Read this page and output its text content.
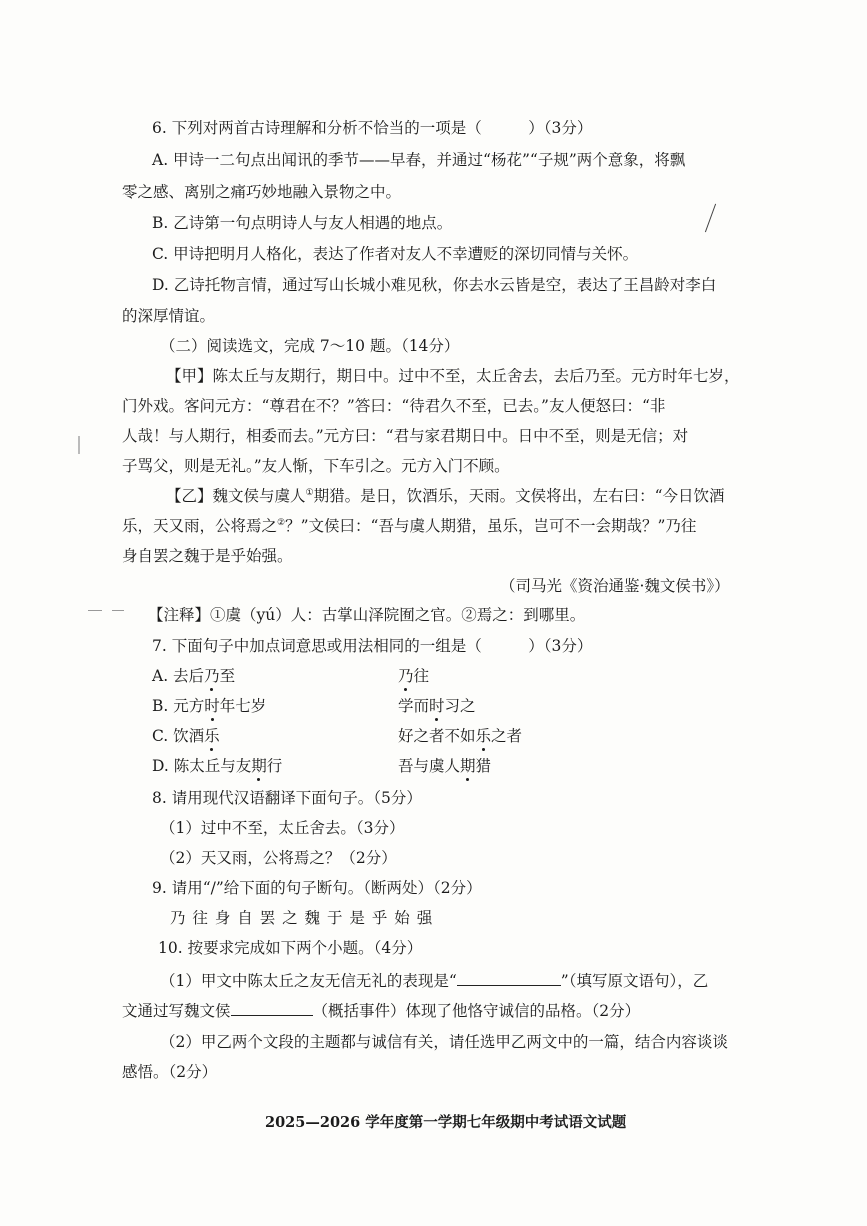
6. 下列对两首古诗理解和分析不恰当的一项是（　　　）（3分）
A. 甲诗一二句点出闻讯的季节——早春，并通过“杨花”“子规”两个意象，将飘
零之感、离别之痛巧妙地融入景物之中。
B. 乙诗第一句点明诗人与友人相遇的地点。
C. 甲诗把明月人格化，表达了作者对友人不幸遭贬的深切同情与关怀。
D. 乙诗托物言情，通过写山长城小难见秋，你去水云皆是空，表达了王昌龄对李白
的深厚情谊。
（二）阅读选文，完成 7～10 题。（14分）
【甲】陈太丘与友期行，期日中。过中不至，太丘舍去，去后乃至。元方时年七岁，
门外戏。客问元方：“尊君在不？”答曰：“待君久不至，已去。”友人便怒曰：“非
人哉！与人期行，相委而去。”元方曰：“君与家君期日中。日中不至，则是无信；对
子骂父，则是无礼。”友人惭，下车引之。元方入门不顾。
【乙】魏文侯与虞人①期猎。是日，饮酒乐，天雨。文侯将出，左右曰：“今日饮酒
乐，天又雨，公将焉之②？”文侯曰：“吾与虞人期猎，虽乐，岂可不一会期哉？”乃往
身自罢之魏于是乎始强。
（司马光《资治通鉴·魏文侯书》）
【注释】①虞（yú）人：古掌山泽院囿之官。②焉之：到哪里。
7. 下面句子中加点词意思或用法相同的一组是（　　　）（3分）
A. 去后乃至	乃往
B. 元方时年七岁	学而时习之
C. 饮酒乐	好之者不如乐之者
D. 陈太丘与友期行	吾与虞人期猎
8. 请用现代汉语翻译下面句子。（5分）
（1）过中不至，太丘舍去。（3分）
（2）天又雨，公将焉之？（2分）
9. 请用“/”给下面的句子断句。（断两处）（2分）
乃 往 身 自 罢 之 魏 于 是 乎 始 强
10. 按要求完成如下两个小题。（4分）
（1）甲文中陈太丘之友无信无礼的表现是“	”（填写原文语句），乙
文通过写魏文侯	（概括事件）体现了他恪守诚信的品格。（2分）
（2）甲乙两个文段的主题都与诚信有关，请任选甲乙两文中的一篇，结合内容谈谈
感悟。（2分）
2025—2026 学年度第一学期七年级期中考试语文试题
